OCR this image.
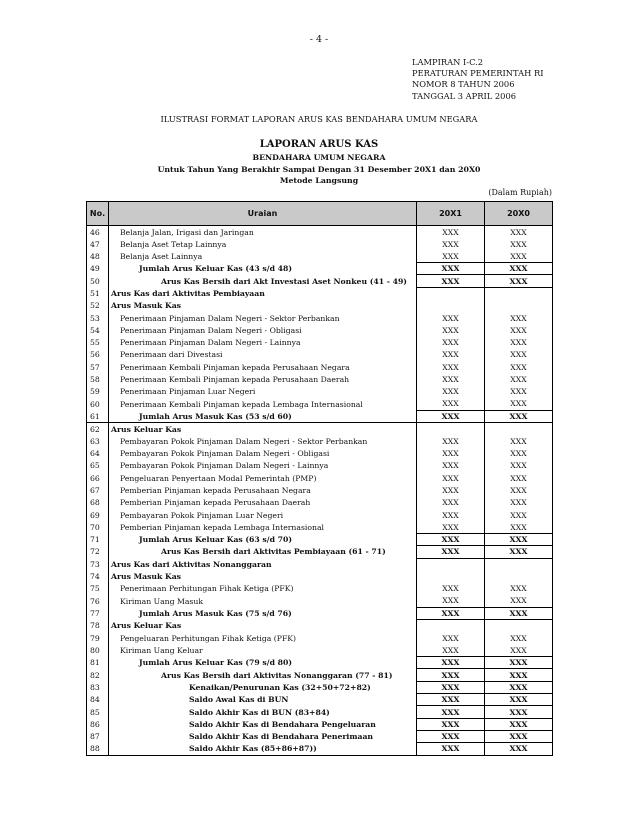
- 4 -
LAMPIRAN I-C.2
PERATURAN PEMERINTAH RI
NOMOR 8 TAHUN 2006
TANGGAL 3 APRIL 2006
ILUSTRASI FORMAT LAPORAN ARUS KAS BENDAHARA UMUM NEGARA
LAPORAN ARUS KAS
BENDAHARA UMUM NEGARA
Untuk Tahun Yang Berakhir Sampai Dengan 31 Desember 20X1 dan 20X0
Metode Langsung
(Dalam Rupiah)
No.	Uraian	20X1	20X0
46	Belanja Jalan, Irigasi dan Jaringan	XXX	XXX
47	Belanja Aset Tetap Lainnya	XXX	XXX
48	Belanja Aset Lainnya	XXX	XXX
49	Jumlah Arus Keluar Kas (43 s/d 48)	XXX	XXX
50	Arus Kas Bersih dari Akt Investasi Aset Nonkeu (41 - 49)	XXX	XXX
51	Arus Kas dari Aktivitas Pembiayaan		
52	Arus Masuk Kas		
53	Penerimaan Pinjaman Dalam Negeri - Sektor Perbankan	XXX	XXX
54	Penerimaan Pinjaman Dalam Negeri - Obligasi	XXX	XXX
55	Penerimaan Pinjaman Dalam Negeri - Lainnya	XXX	XXX
56	Penerimaan dari Divestasi	XXX	XXX
57	Penerimaan Kembali Pinjaman kepada Perusahaan Negara	XXX	XXX
58	Penerimaan Kembali Pinjaman kepada Perusahaan Daerah	XXX	XXX
59	Penerimaan Pinjaman Luar Negeri	XXX	XXX
60	Penerimaan Kembali Pinjaman kepada Lembaga Internasional	XXX	XXX
61	Jumlah Arus Masuk Kas (53 s/d 60)	XXX	XXX
62	Arus Keluar Kas		
63	Pembayaran Pokok Pinjaman Dalam Negeri - Sektor Perbankan	XXX	XXX
64	Pembayaran Pokok Pinjaman Dalam Negeri - Obligasi	XXX	XXX
65	Pembayaran Pokok Pinjaman Dalam Negeri - Lainnya	XXX	XXX
66	Pengeluaran Penyertaan Modal Pemerintah (PMP)	XXX	XXX
67	Pemberian Pinjaman kepada Perusahaan Negara	XXX	XXX
68	Pemberian Pinjaman kepada Perusahaan Daerah	XXX	XXX
69	Pembayaran Pokok Pinjaman Luar Negeri	XXX	XXX
70	Pemberian Pinjaman kepada Lembaga Internasional	XXX	XXX
71	Jumlah Arus Keluar Kas (63 s/d 70)	XXX	XXX
72	Arus Kas Bersih dari Aktivitas Pembiayaan (61 - 71)	XXX	XXX
73	Arus Kas dari Aktivitas Nonanggaran		
74	Arus Masuk Kas		
75	Penerimaan Perhitungan Fihak Ketiga (PFK)	XXX	XXX
76	Kiriman Uang Masuk	XXX	XXX
77	Jumlah Arus Masuk Kas (75 s/d 76)	XXX	XXX
78	Arus Keluar Kas		
79	Pengeluaran Perhitungan Fihak Ketiga (PFK)	XXX	XXX
80	Kiriman Uang Keluar	XXX	XXX
81	Jumlah Arus Keluar Kas (79 s/d 80)	XXX	XXX
82	Arus Kas Bersih dari Aktivitas Nonanggaran (77 - 81)	XXX	XXX
83	Kenaikan/Penurunan Kas (32+50+72+82)	XXX	XXX
84	Saldo Awal Kas di BUN	XXX	XXX
85	Saldo Akhir Kas di BUN (83+84)	XXX	XXX
86	Saldo Akhir Kas di Bendahara Pengeluaran	XXX	XXX
87	Saldo Akhir Kas di Bendahara Penerimaan	XXX	XXX
88	Saldo Akhir Kas (85+86+87))	XXX	XXX
